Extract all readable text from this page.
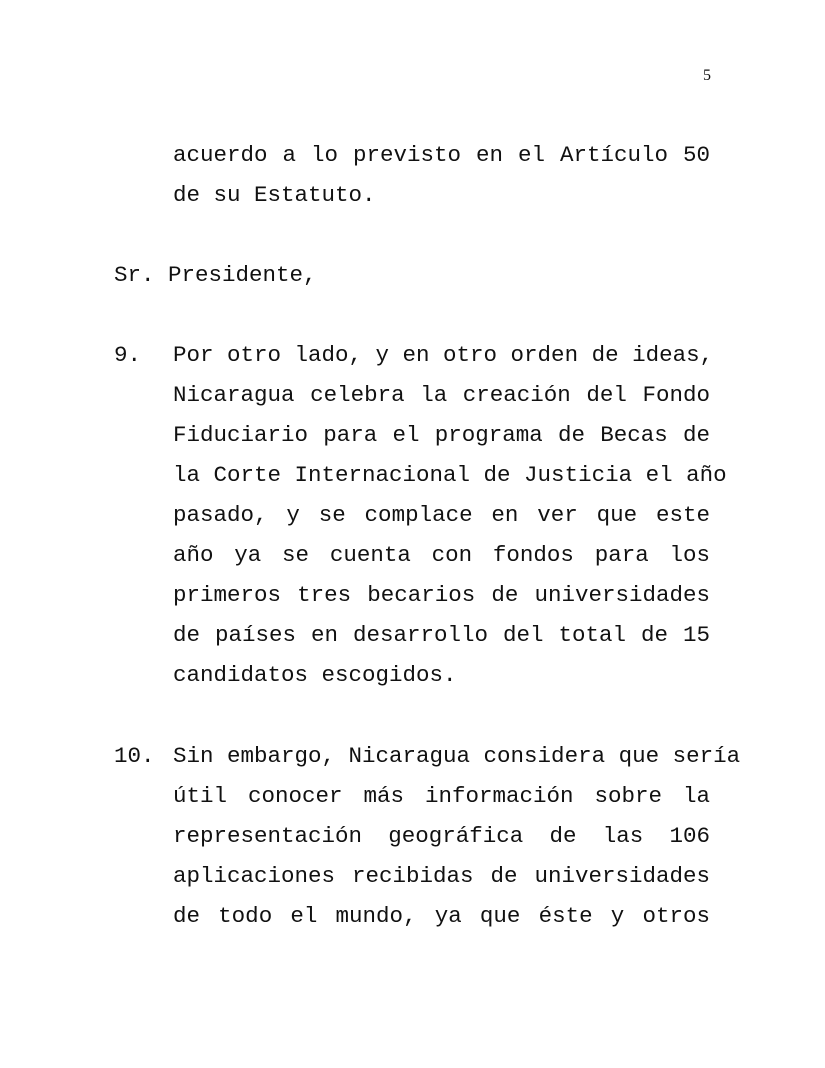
5
acuerdo a lo previsto en el Artículo 50
de su Estatuto.
Sr. Presidente,
9. Por otro lado, y en otro orden de ideas,
Nicaragua celebra la creación del Fondo
Fiduciario para el programa de Becas de
la Corte Internacional de Justicia el año
pasado, y se complace en ver que este
año ya se cuenta con fondos para los
primeros tres becarios de universidades
de países en desarrollo del total de 15
candidatos escogidos.
10. Sin embargo, Nicaragua considera que sería
útil conocer más información sobre la
representación geográfica de las 106
aplicaciones recibidas de universidades
de todo el mundo, ya que éste y otros
